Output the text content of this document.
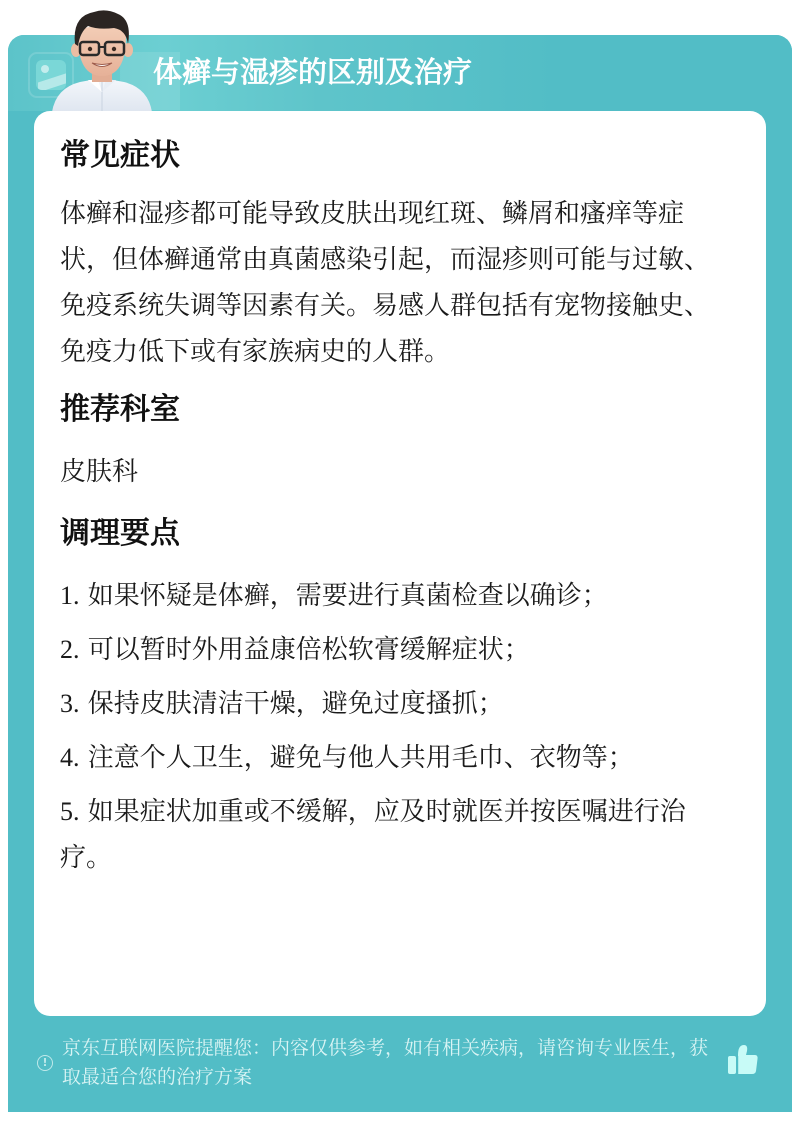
体癣与湿疹的区别及治疗
常见症状

体癣和湿疹都可能导致皮肤出现红斑、鳞屑和瘙痒等症状，但体癣通常由真菌感染引起，而湿疹则可能与过敏、免疫系统失调等因素有关。易感人群包括有宠物接触史、免疫力低下或有家族病史的人群。

推荐科室

皮肤科

调理要点
1. 如果怀疑是体癣，需要进行真菌检查以确诊；
2. 可以暂时外用益康倍松软膏缓解症状；
3. 保持皮肤清洁干燥，避免过度搔抓；
4. 注意个人卫生，避免与他人共用毛巾、衣物等；
5. 如果症状加重或不缓解，应及时就医并按医嘱进行治疗。
!
京东互联网医院提醒您：内容仅供参考，如有相关疾病，请咨询专业医生，获取最适合您的治疗方案
